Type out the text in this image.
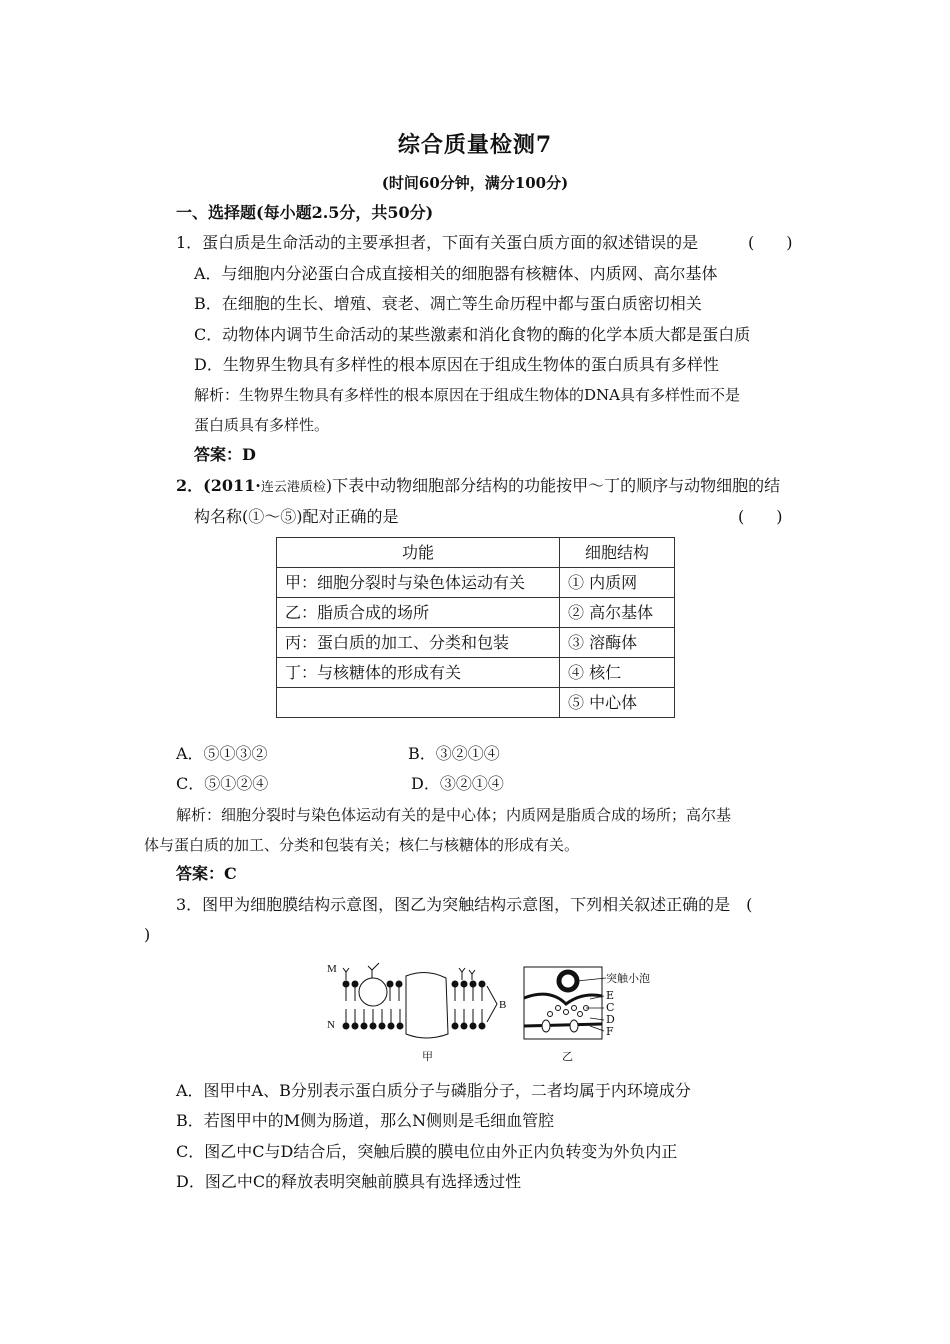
综合质量检测7
(时间60分钟，满分100分)
一、选择题(每小题2.5分，共50分)
1．蛋白质是生命活动的主要承担者，下面有关蛋白质方面的叙述错误的是	(　　)
A．与细胞内分泌蛋白合成直接相关的细胞器有核糖体、内质网、高尔基体
B．在细胞的生长、增殖、衰老、凋亡等生命历程中都与蛋白质密切相关
C．动物体内调节生命活动的某些激素和消化食物的酶的化学本质大都是蛋白质
D．生物界生物具有多样性的根本原因在于组成生物体的蛋白质具有多样性
解析：生物界生物具有多样性的根本原因在于组成生物体的DNA具有多样性而不是
蛋白质具有多样性。
答案：D
2．(2011·连云港质检)下表中动物细胞部分结构的功能按甲～丁的顺序与动物细胞的结
构名称(①～⑤)配对正确的是	(　　)
功能	细胞结构
甲：细胞分裂时与染色体运动有关	① 内质网
乙：脂质合成的场所	② 高尔基体
丙：蛋白质的加工、分类和包装	③ 溶酶体
丁：与核糖体的形成有关	④ 核仁
	⑤ 中心体
A．⑤①③②	B．③②①④
C．⑤①②④	D．③②①④
解析：细胞分裂时与染色体运动有关的是中心体；内质网是脂质合成的场所；高尔基
体与蛋白质的加工、分类和包装有关；核仁与核糖体的形成有关。
答案：C
3．图甲为细胞膜结构示意图，图乙为突触结构示意图，下列相关叙述正确的是　(
)
M
N
B
甲
突触小泡
E
C
D
F
乙
A．图甲中A、B分别表示蛋白质分子与磷脂分子，二者均属于内环境成分
B．若图甲中的M侧为肠道，那么N侧则是毛细血管腔
C．图乙中C与D结合后，突触后膜的膜电位由外正内负转变为外负内正
D．图乙中C的释放表明突触前膜具有选择透过性
